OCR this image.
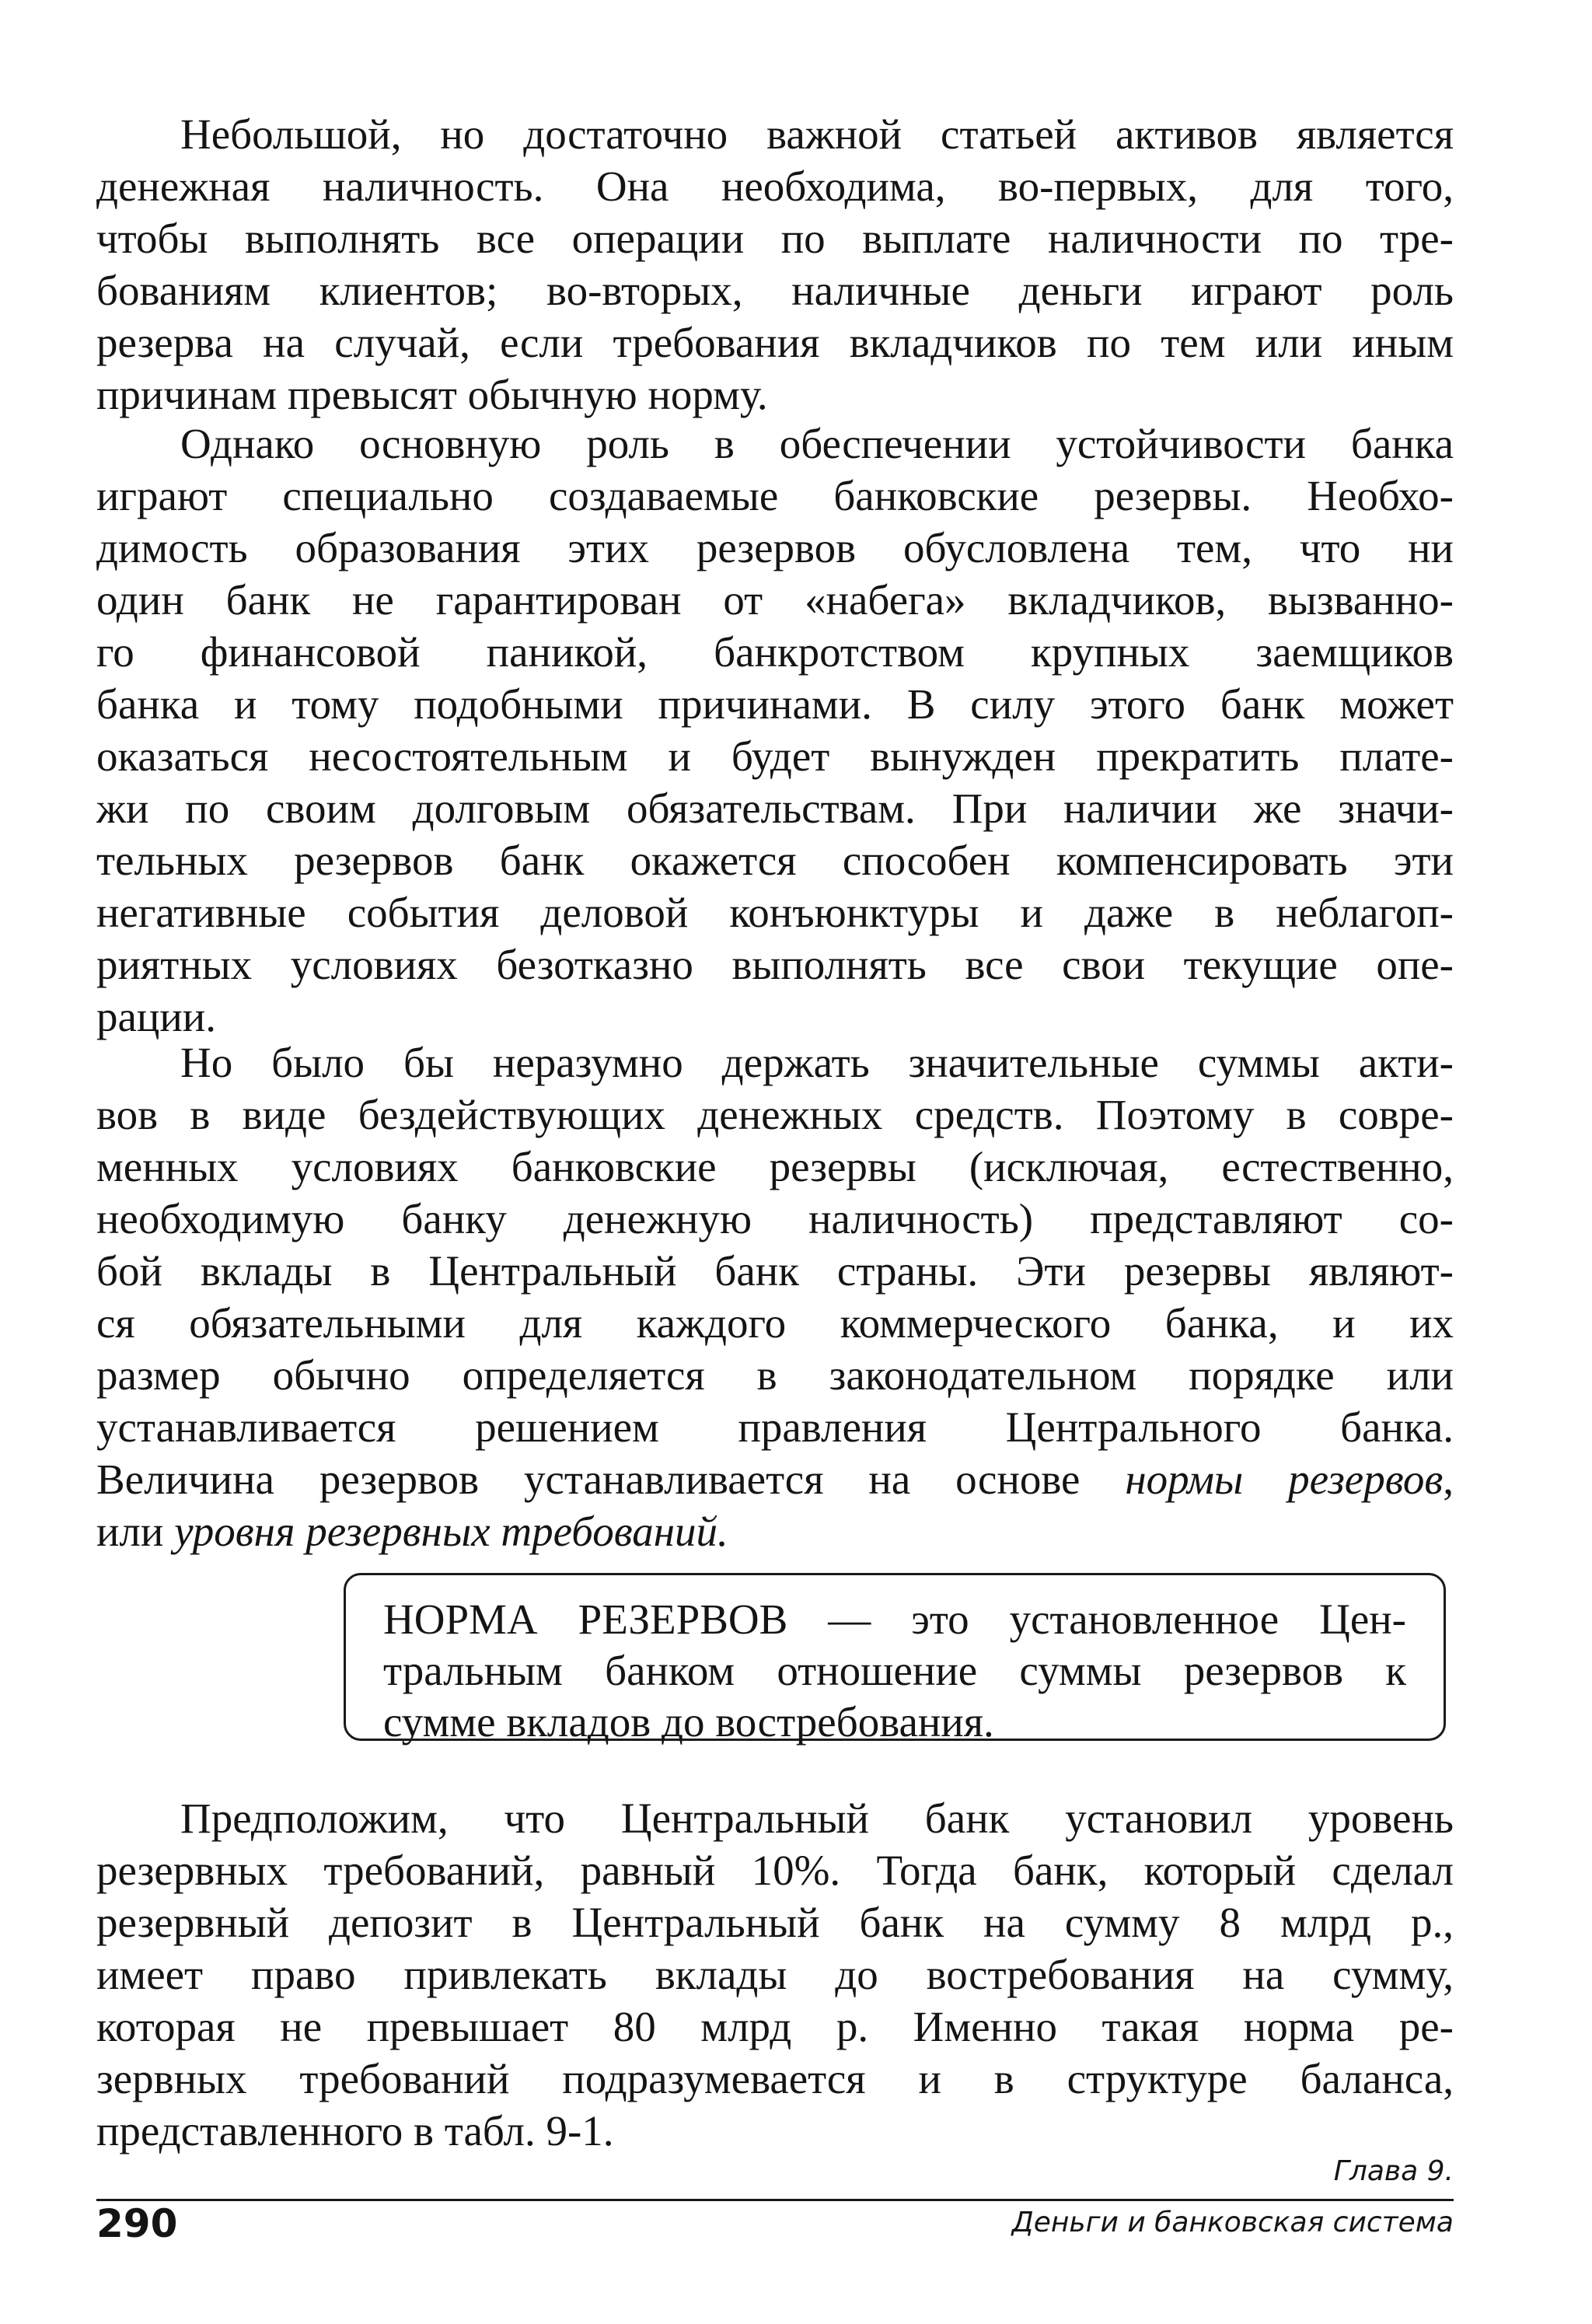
Небольшой, но достаточно важной статьей активов является
денежная наличность. Она необходима, во-первых, для того,
чтобы выполнять все операции по выплате наличности по тре-
бованиям клиентов; во-вторых, наличные деньги играют роль
резерва на случай, если требования вкладчиков по тем или иным
причинам превысят обычную норму.
Однако основную роль в обеспечении устойчивости банка
играют специально создаваемые банковские резервы. Необхо-
димость образования этих резервов обусловлена тем, что ни
один банк не гарантирован от «набега» вкладчиков, вызванно-
го финансовой паникой, банкротством крупных заемщиков
банка и тому подобными причинами. В силу этого банк может
оказаться несостоятельным и будет вынужден прекратить плате-
жи по своим долговым обязательствам. При наличии же значи-
тельных резервов банк окажется способен компенсировать эти
негативные события деловой конъюнктуры и даже в неблагоп-
риятных условиях безотказно выполнять все свои текущие опе-
рации.
Но было бы неразумно держать значительные суммы акти-
вов в виде бездействующих денежных средств. Поэтому в совре-
менных условиях банковские резервы (исключая, естественно,
необходимую банку денежную наличность) представляют со-
бой вклады в Центральный банк страны. Эти резервы являют-
ся обязательными для каждого коммерческого банка, и их
размер обычно определяется в законодательном порядке или
устанавливается решением правления Центрального банка.
Величина резервов устанавливается на основе нормы резервов,
или уровня резервных требований.
НОРМА РЕЗЕРВОВ — это установленное Цен-
тральным банком отношение суммы резервов к
сумме вкладов до востребования.
Предположим, что Центральный банк установил уровень
резервных требований, равный 10%. Тогда банк, который сделал
резервный депозит в Центральный банк на сумму 8 млрд р.,
имеет право привлекать вклады до востребования на сумму,
которая не превышает 80 млрд р. Именно такая норма ре-
зервных требований подразумевается и в структуре баланса,
представленного в табл. 9-1.
Глава 9.
Деньги и банковская система
290
